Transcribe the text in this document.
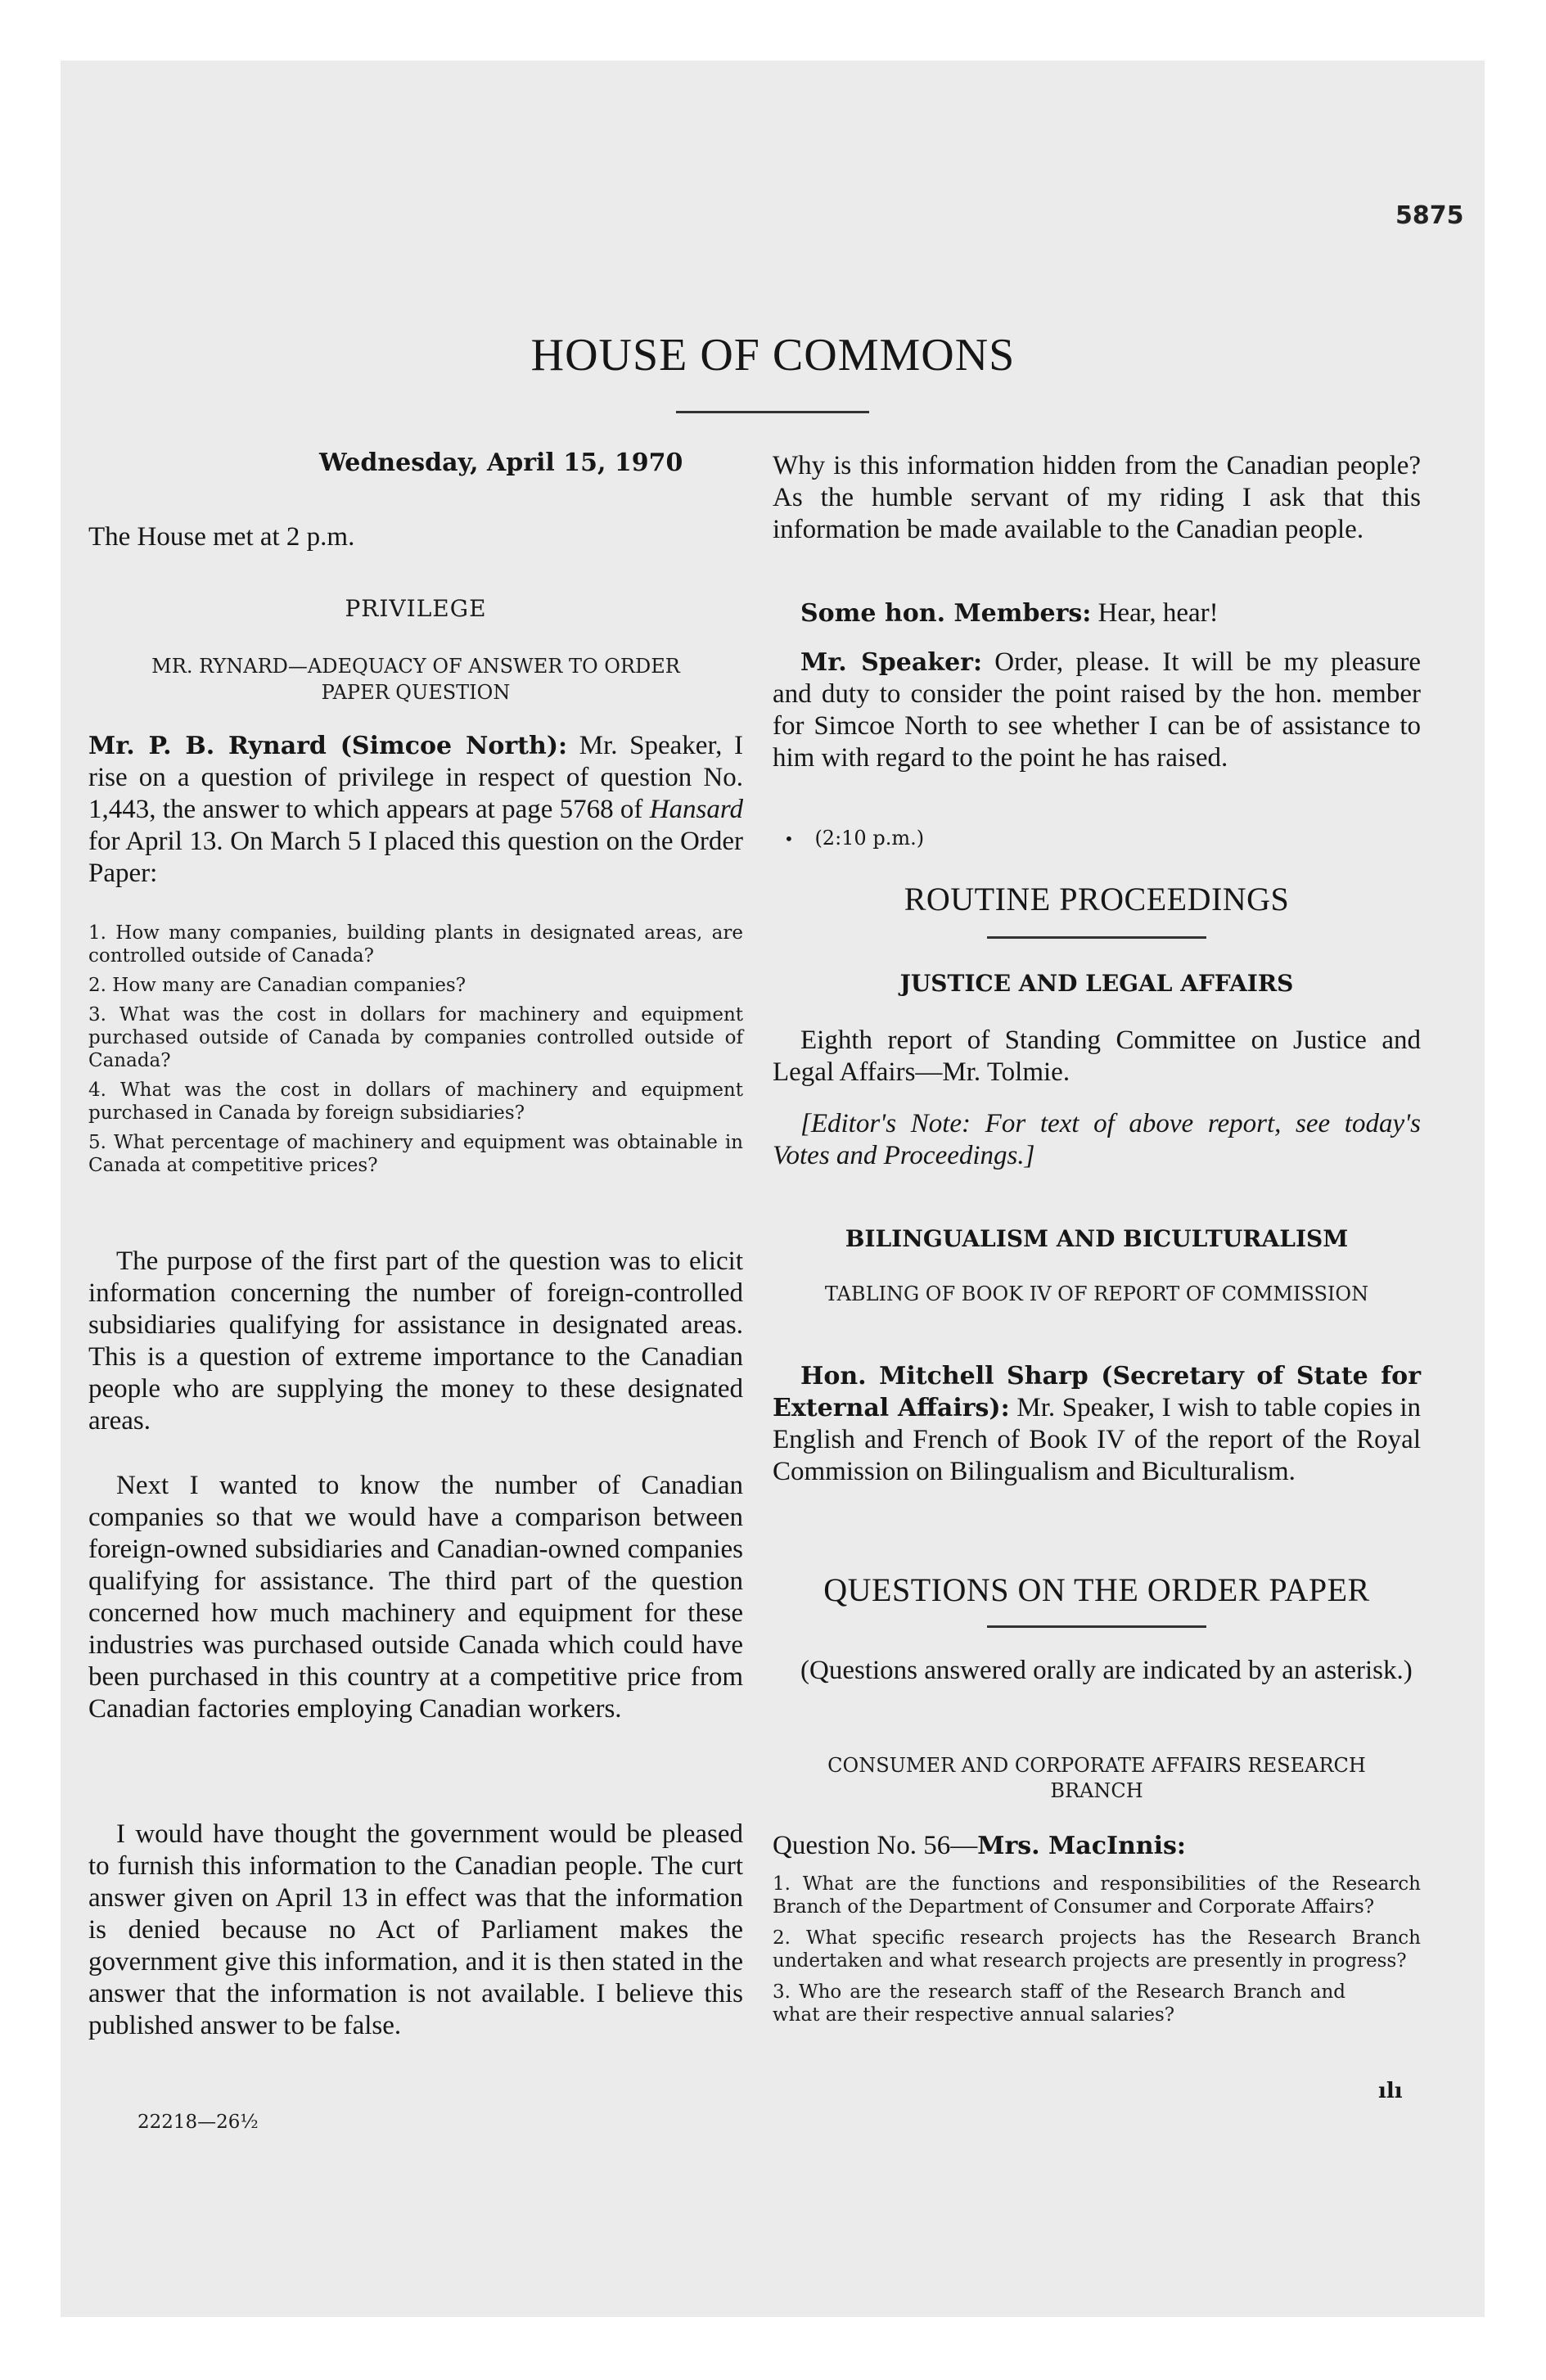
5875
HOUSE OF COMMONS

Wednesday, April 15, 1970

The House met at 2 p.m.

PRIVILEGE

MR. RYNARD—ADEQUACY OF ANSWER TO ORDER PAPER QUESTION

Mr. P. B. Rynard (Simcoe North): Mr. Speaker, I rise on a question of privilege in respect of question No. 1,443, the answer to which appears at page 5768 of Hansard for April 13. On March 5 I placed this question on the Order Paper:

1. How many companies, building plants in designated areas, are controlled outside of Canada?

2. How many are Canadian companies?

3. What was the cost in dollars for machinery and equipment purchased outside of Canada by companies controlled outside of Canada?

4. What was the cost in dollars of machinery and equipment purchased in Canada by foreign subsidiaries?

5. What percentage of machinery and equipment was obtainable in Canada at competitive prices?

The purpose of the first part of the question was to elicit information concerning the number of foreign-controlled subsidiaries qualifying for assistance in designated areas. This is a question of extreme importance to the Canadian people who are supplying the money to these designated areas.

Next I wanted to know the number of Canadian companies so that we would have a comparison between foreign-owned subsidiaries and Canadian-owned companies qualifying for assistance. The third part of the question concerned how much machinery and equipment for these industries was purchased outside Canada which could have been purchased in this country at a competitive price from Canadian factories employing Canadian workers.

I would have thought the government would be pleased to furnish this information to the Canadian people. The curt answer given on April 13 in effect was that the information is denied because no Act of Parliament makes the government give this information, and it is then stated in the answer that the information is not available. I believe this published answer to be false.

22218—26½

Why is this information hidden from the Canadian people? As the humble servant of my riding I ask that this information be made available to the Canadian people.

Some hon. Members: Hear, hear!

Mr. Speaker: Order, please. It will be my pleasure and duty to consider the point raised by the hon. member for Simcoe North to see whether I can be of assistance to him with regard to the point he has raised.

• (2:10 p.m.)

ROUTINE PROCEEDINGS

JUSTICE AND LEGAL AFFAIRS

Eighth report of Standing Committee on Justice and Legal Affairs—Mr. Tolmie.

[Editor's Note: For text of above report, see today's Votes and Proceedings.]

BILINGUALISM AND BICULTURALISM

TABLING OF BOOK IV OF REPORT OF COMMISSION

Hon. Mitchell Sharp (Secretary of State for External Affairs): Mr. Speaker, I wish to table copies in English and French of Book IV of the report of the Royal Commission on Bilingualism and Biculturalism.

QUESTIONS ON THE ORDER PAPER

(Questions answered orally are indicated by an asterisk.)

CONSUMER AND CORPORATE AFFAIRS RESEARCH BRANCH

Question No. 56—Mrs. MacInnis:

1. What are the functions and responsibilities of the Research Branch of the Department of Consumer and Corporate Affairs?

2. What specific research projects has the Research Branch undertaken and what research projects are presently in progress?

3. Who are the research staff of the Research Branch and what are their respective annual salaries?

ılı
